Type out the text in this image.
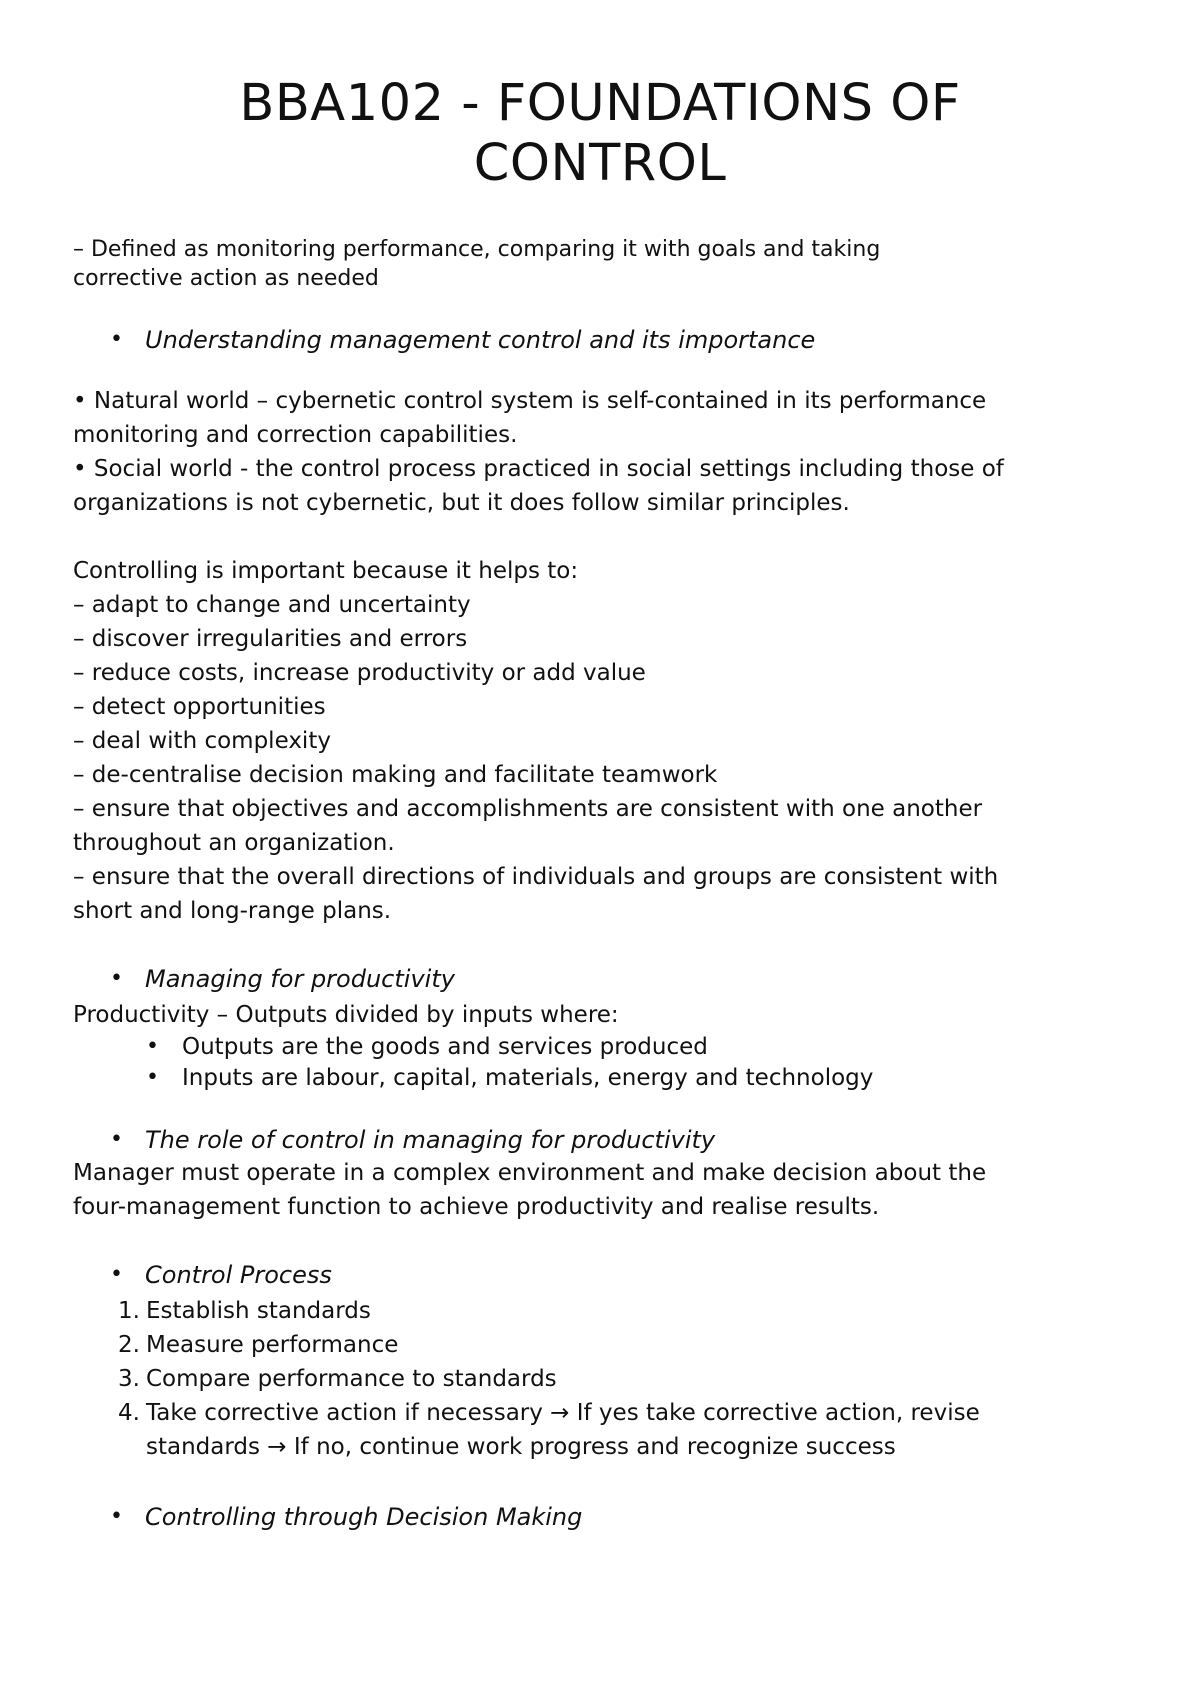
BBA102 - FOUNDATIONS OF
CONTROL
– Defined as monitoring performance, comparing it with goals and taking
corrective action as needed
• Understanding management control and its importance
• Natural world – cybernetic control system is self-contained in its performance
monitoring and correction capabilities.
• Social world - the control process practiced in social settings including those of
organizations is not cybernetic, but it does follow similar principles.
Controlling is important because it helps to:
– adapt to change and uncertainty
– discover irregularities and errors
– reduce costs, increase productivity or add value
– detect opportunities
– deal with complexity
– de-centralise decision making and facilitate teamwork
– ensure that objectives and accomplishments are consistent with one another
throughout an organization.
– ensure that the overall directions of individuals and groups are consistent with
short and long-range plans.
• Managing for productivity
Productivity – Outputs divided by inputs where:
• Outputs are the goods and services produced
• Inputs are labour, capital, materials, energy and technology
• The role of control in managing for productivity
Manager must operate in a complex environment and make decision about the
four-management function to achieve productivity and realise results.
• Control Process
1. Establish standards
2. Measure performance
3. Compare performance to standards
4. Take corrective action if necessary → If yes take corrective action, revise
standards → If no, continue work progress and recognize success
• Controlling through Decision Making
